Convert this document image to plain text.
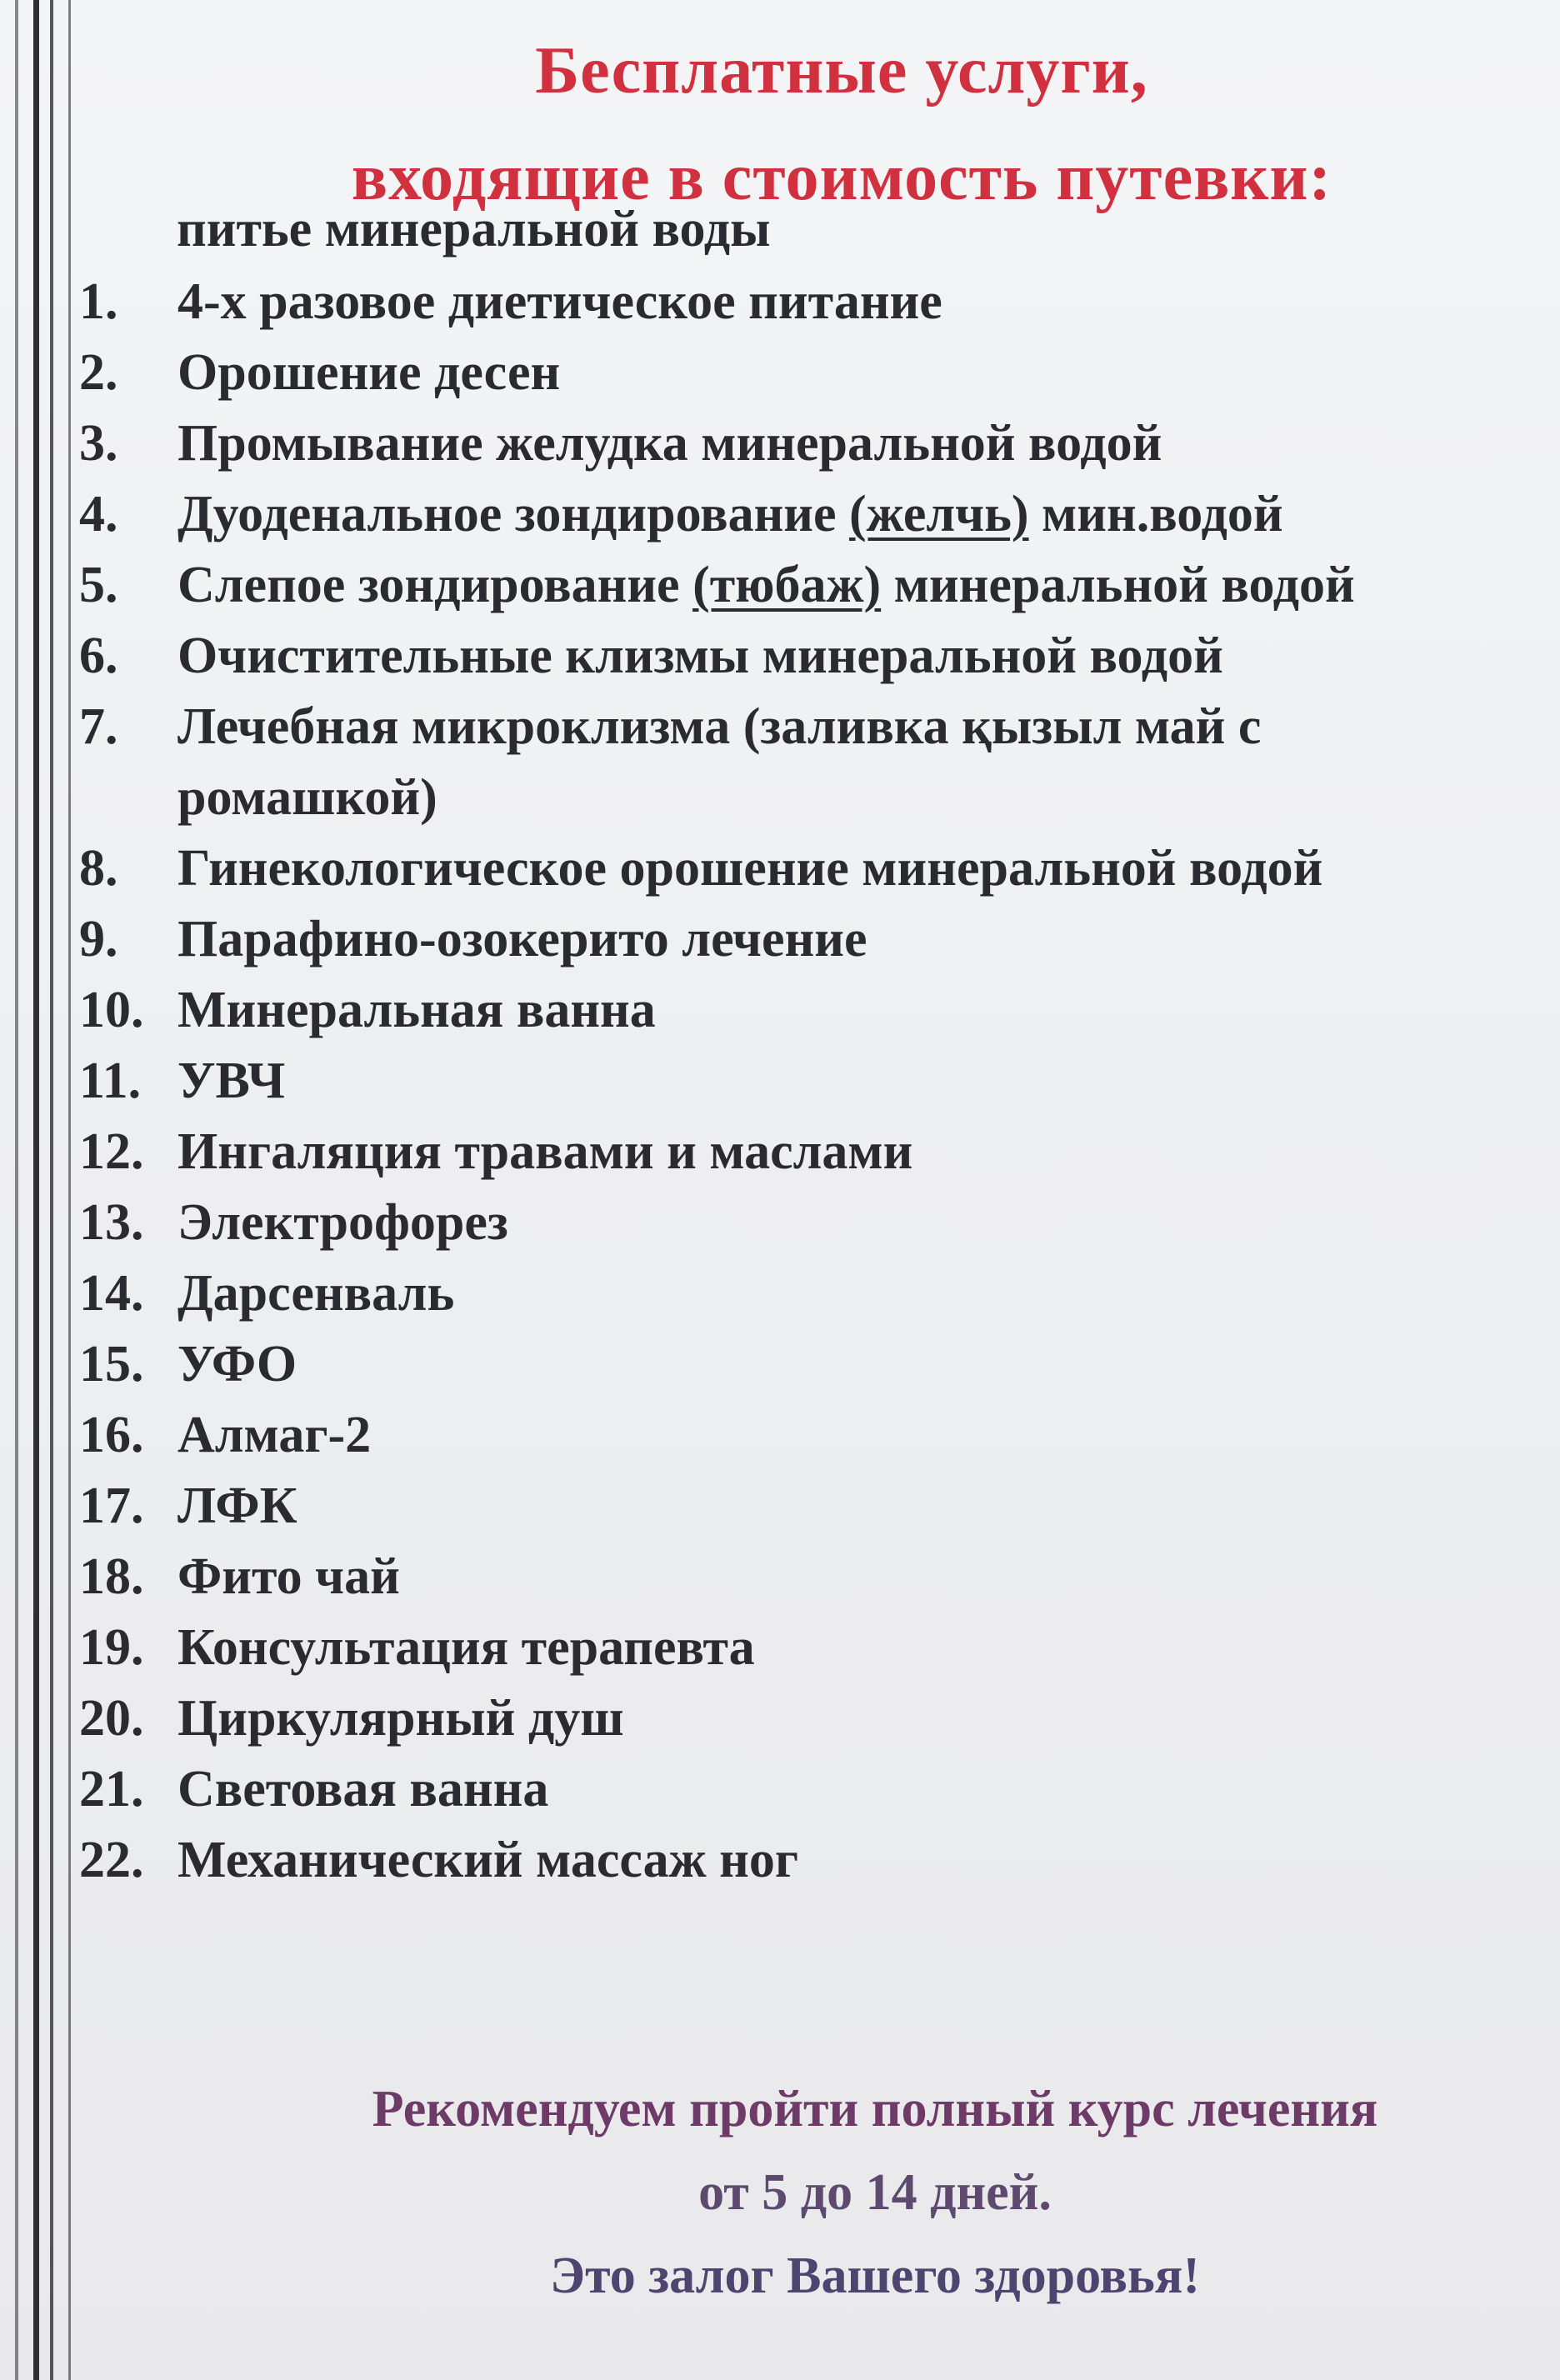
Бесплатные услуги,
входящие в стоимость путевки:
питье минеральной воды
1. 4-х разовое диетическое питание
2. Орошение десен
3. Промывание желудка минеральной водой
4. Дуоденальное зондирование (желчь) мин.водой
5. Слепое зондирование (тюбаж) минеральной водой
6. Очистительные клизмы минеральной водой
7. Лечебная микроклизма (заливка қызыл май с ромашкой)
8. Гинекологическое орошение минеральной водой
9. Парафино-озокерито лечение
10. Минеральная ванна
11. УВЧ
12. Ингаляция травами и маслами
13. Электрофорез
14. Дарсенваль
15. УФО
16. Алмаг-2
17. ЛФК
18. Фито чай
19. Консультация терапевта
20. Циркулярный душ
21. Световая ванна
22. Механический массаж ног

Рекомендуем пройти полный курс лечения

от 5 до 14 дней.

Это залог Вашего здоровья!
